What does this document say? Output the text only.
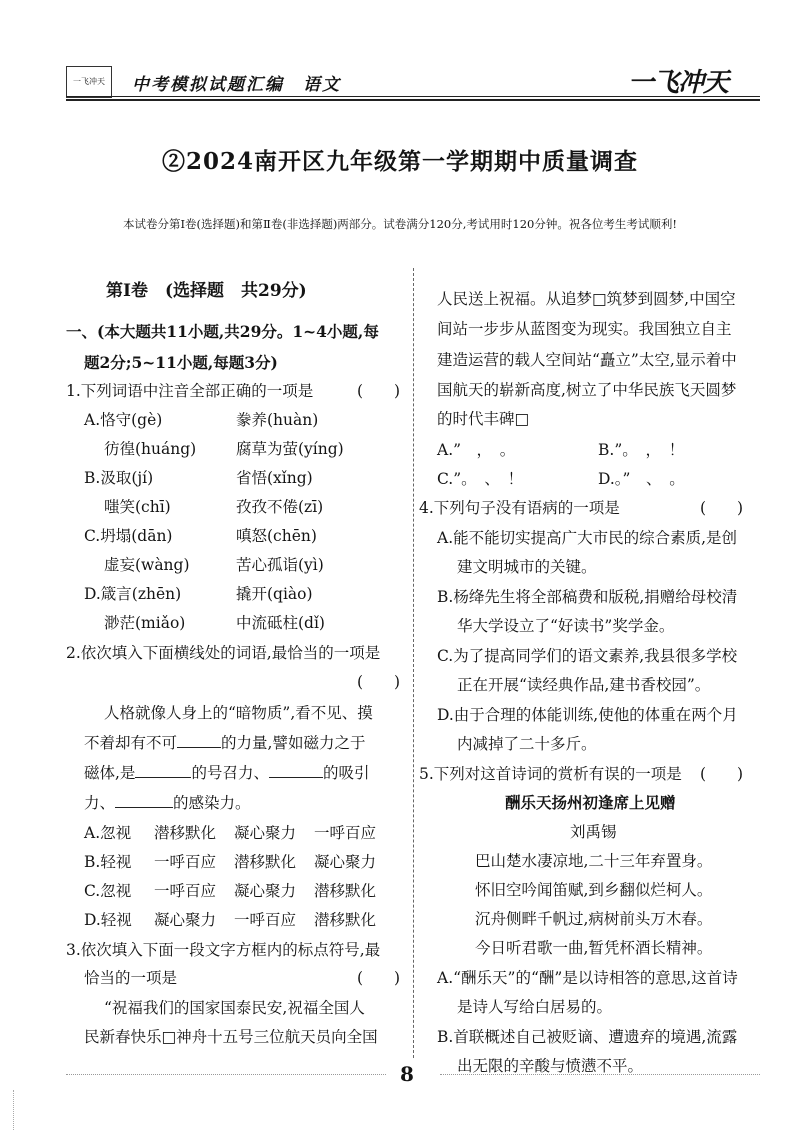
一飞冲天	中考模拟试题汇编　语文	一飞冲天
②2024南开区九年级第一学期期中质量调查
本试卷分第Ⅰ卷(选择题)和第Ⅱ卷(非选择题)两部分。试卷满分120分,考试用时120分钟。祝各位考生考试顺利!
第Ⅰ卷　(选择题　共29分)
一、(本大题共11小题,共29分。1~4小题,每
题2分;5~11小题,每题3分)
1.下列词语中注音全部正确的一项是	(　　)
A.恪守(gè)	豢养(huàn)
彷徨(huáng)	腐草为萤(yíng)
B.汲取(jí)	省悟(xǐng)
嗤笑(chī)	孜孜不倦(zī)
C.坍塌(dān)	嗔怒(chēn)
虚妄(wàng)	苦心孤诣(yì)
D.箴言(zhēn)	撬开(qiào)
渺茫(miǎo)	中流砥柱(dǐ)
2.依次填入下面横线处的词语,最恰当的一项是
(　　)
人格就像人身上的“暗物质”,看不见、摸
不着却有不可	的力量,譬如磁力之于
磁体,是	的号召力、	的吸引
力、	的感染力。
A.忽视 潜移默化 凝心聚力 一呼百应
B.轻视 一呼百应 潜移默化 凝心聚力
C.忽视 一呼百应 凝心聚力 潜移默化
D.轻视 凝心聚力 一呼百应 潜移默化
3.依次填入下面一段文字方框内的标点符号,最
恰当的一项是	(　　)
“祝福我们的国家国泰民安,祝福全国人
民新春快乐□神舟十五号三位航天员向全国
人民送上祝福。从追梦□筑梦到圆梦,中国空
间站一步步从蓝图变为现实。我国独立自主
建造运营的载人空间站“矗立”太空,显示着中
国航天的崭新高度,树立了中华民族飞天圆梦
的时代丰碑□
A.”　，　。	B.”。　，　！
C.”。　、　！	D.。”　、　。
4.下列句子没有语病的一项是	(　　)
A.能不能切实提高广大市民的综合素质,是创
建文明城市的关键。
B.杨绛先生将全部稿费和版税,捐赠给母校清
华大学设立了“好读书”奖学金。
C.为了提高同学们的语文素养,我县很多学校
正在开展“读经典作品,建书香校园”。
D.由于合理的体能训练,使他的体重在两个月
内减掉了二十多斤。
5.下列对这首诗词的赏析有误的一项是 (　　)
酬乐天扬州初逢席上见赠
刘禹锡
巴山楚水凄凉地,二十三年弃置身。
怀旧空吟闻笛赋,到乡翻似烂柯人。
沉舟侧畔千帆过,病树前头万木春。
今日听君歌一曲,暂凭杯酒长精神。
A.“酬乐天”的“酬”是以诗相答的意思,这首诗
是诗人写给白居易的。
B.首联概述自己被贬谪、遭遗弃的境遇,流露
出无限的辛酸与愤懑不平。
8
